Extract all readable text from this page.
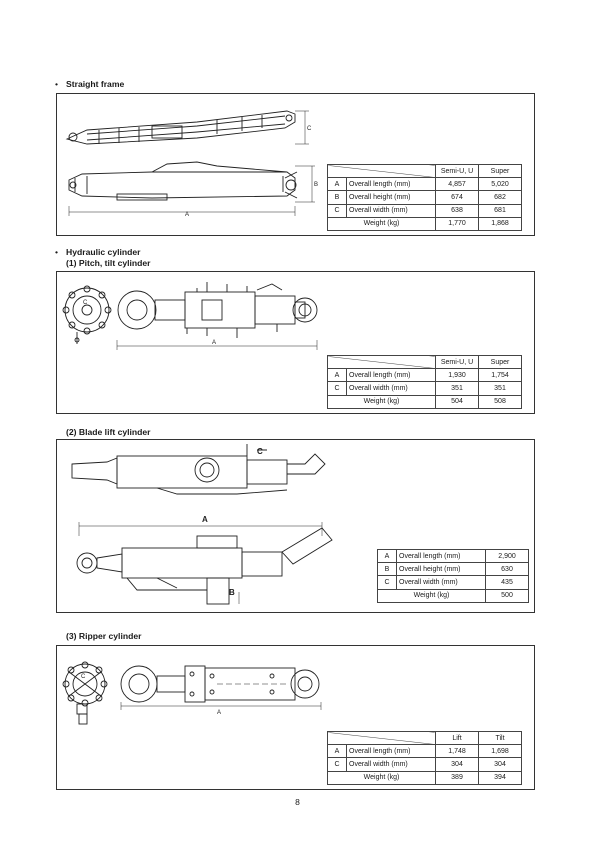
• Straight frame
A
B
C
		Semi-U, U	Super
A	Overall length (mm)	4,857	5,020
B	Overall height (mm)	674	682
C	Overall width (mm)	638	681
Weight (kg)		1,770	1,868
• Hydraulic cylinder
(1) Pitch, tilt cylinder
A
C
		Semi-U, U	Super
A	Overall length (mm)	1,930	1,754
C	Overall width (mm)	351	351
Weight (kg)		504	508
(2) Blade lift cylinder
A
B
C
A	Overall length (mm)	2,900
B	Overall height (mm)	630
C	Overall width (mm)	435
Weight (kg)		500
(3) Ripper cylinder
A
C
		Lift	Tilt
A	Overall length (mm)	1,748	1,698
C	Overall width (mm)	304	304
Weight (kg)		389	394
8
